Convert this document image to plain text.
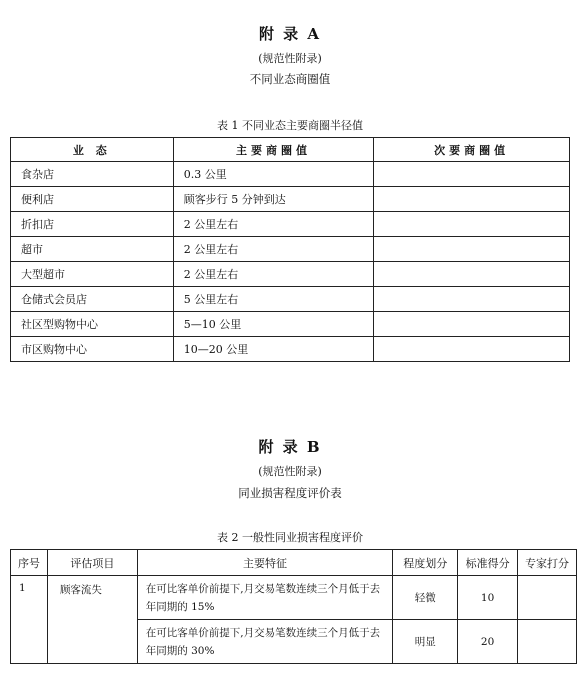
附 录 A
(规范性附录)
不同业态商圈值
表 1 不同业态主要商圈半径值
业 态	主要商圈值	次要商圈值
食杂店	0.3 公里	
便利店	顾客步行 5 分钟到达	
折扣店	2 公里左右	
超市	2 公里左右	
大型超市	2 公里左右	
仓储式会员店	5 公里左右	
社区型购物中心	5—10 公里	
市区购物中心	10—20 公里	
附 录 B
(规范性附录)
同业损害程度评价表
表 2 一般性同业损害程度评价
序号	评估项目	主要特征	程度划分	标准得分	专家打分
1	顾客流失	在可比客单价前提下,月交易笔数连续三个月低于去年同期的 15%	轻微	10	
		在可比客单价前提下,月交易笔数连续三个月低于去年同期的 30%	明显	20	
